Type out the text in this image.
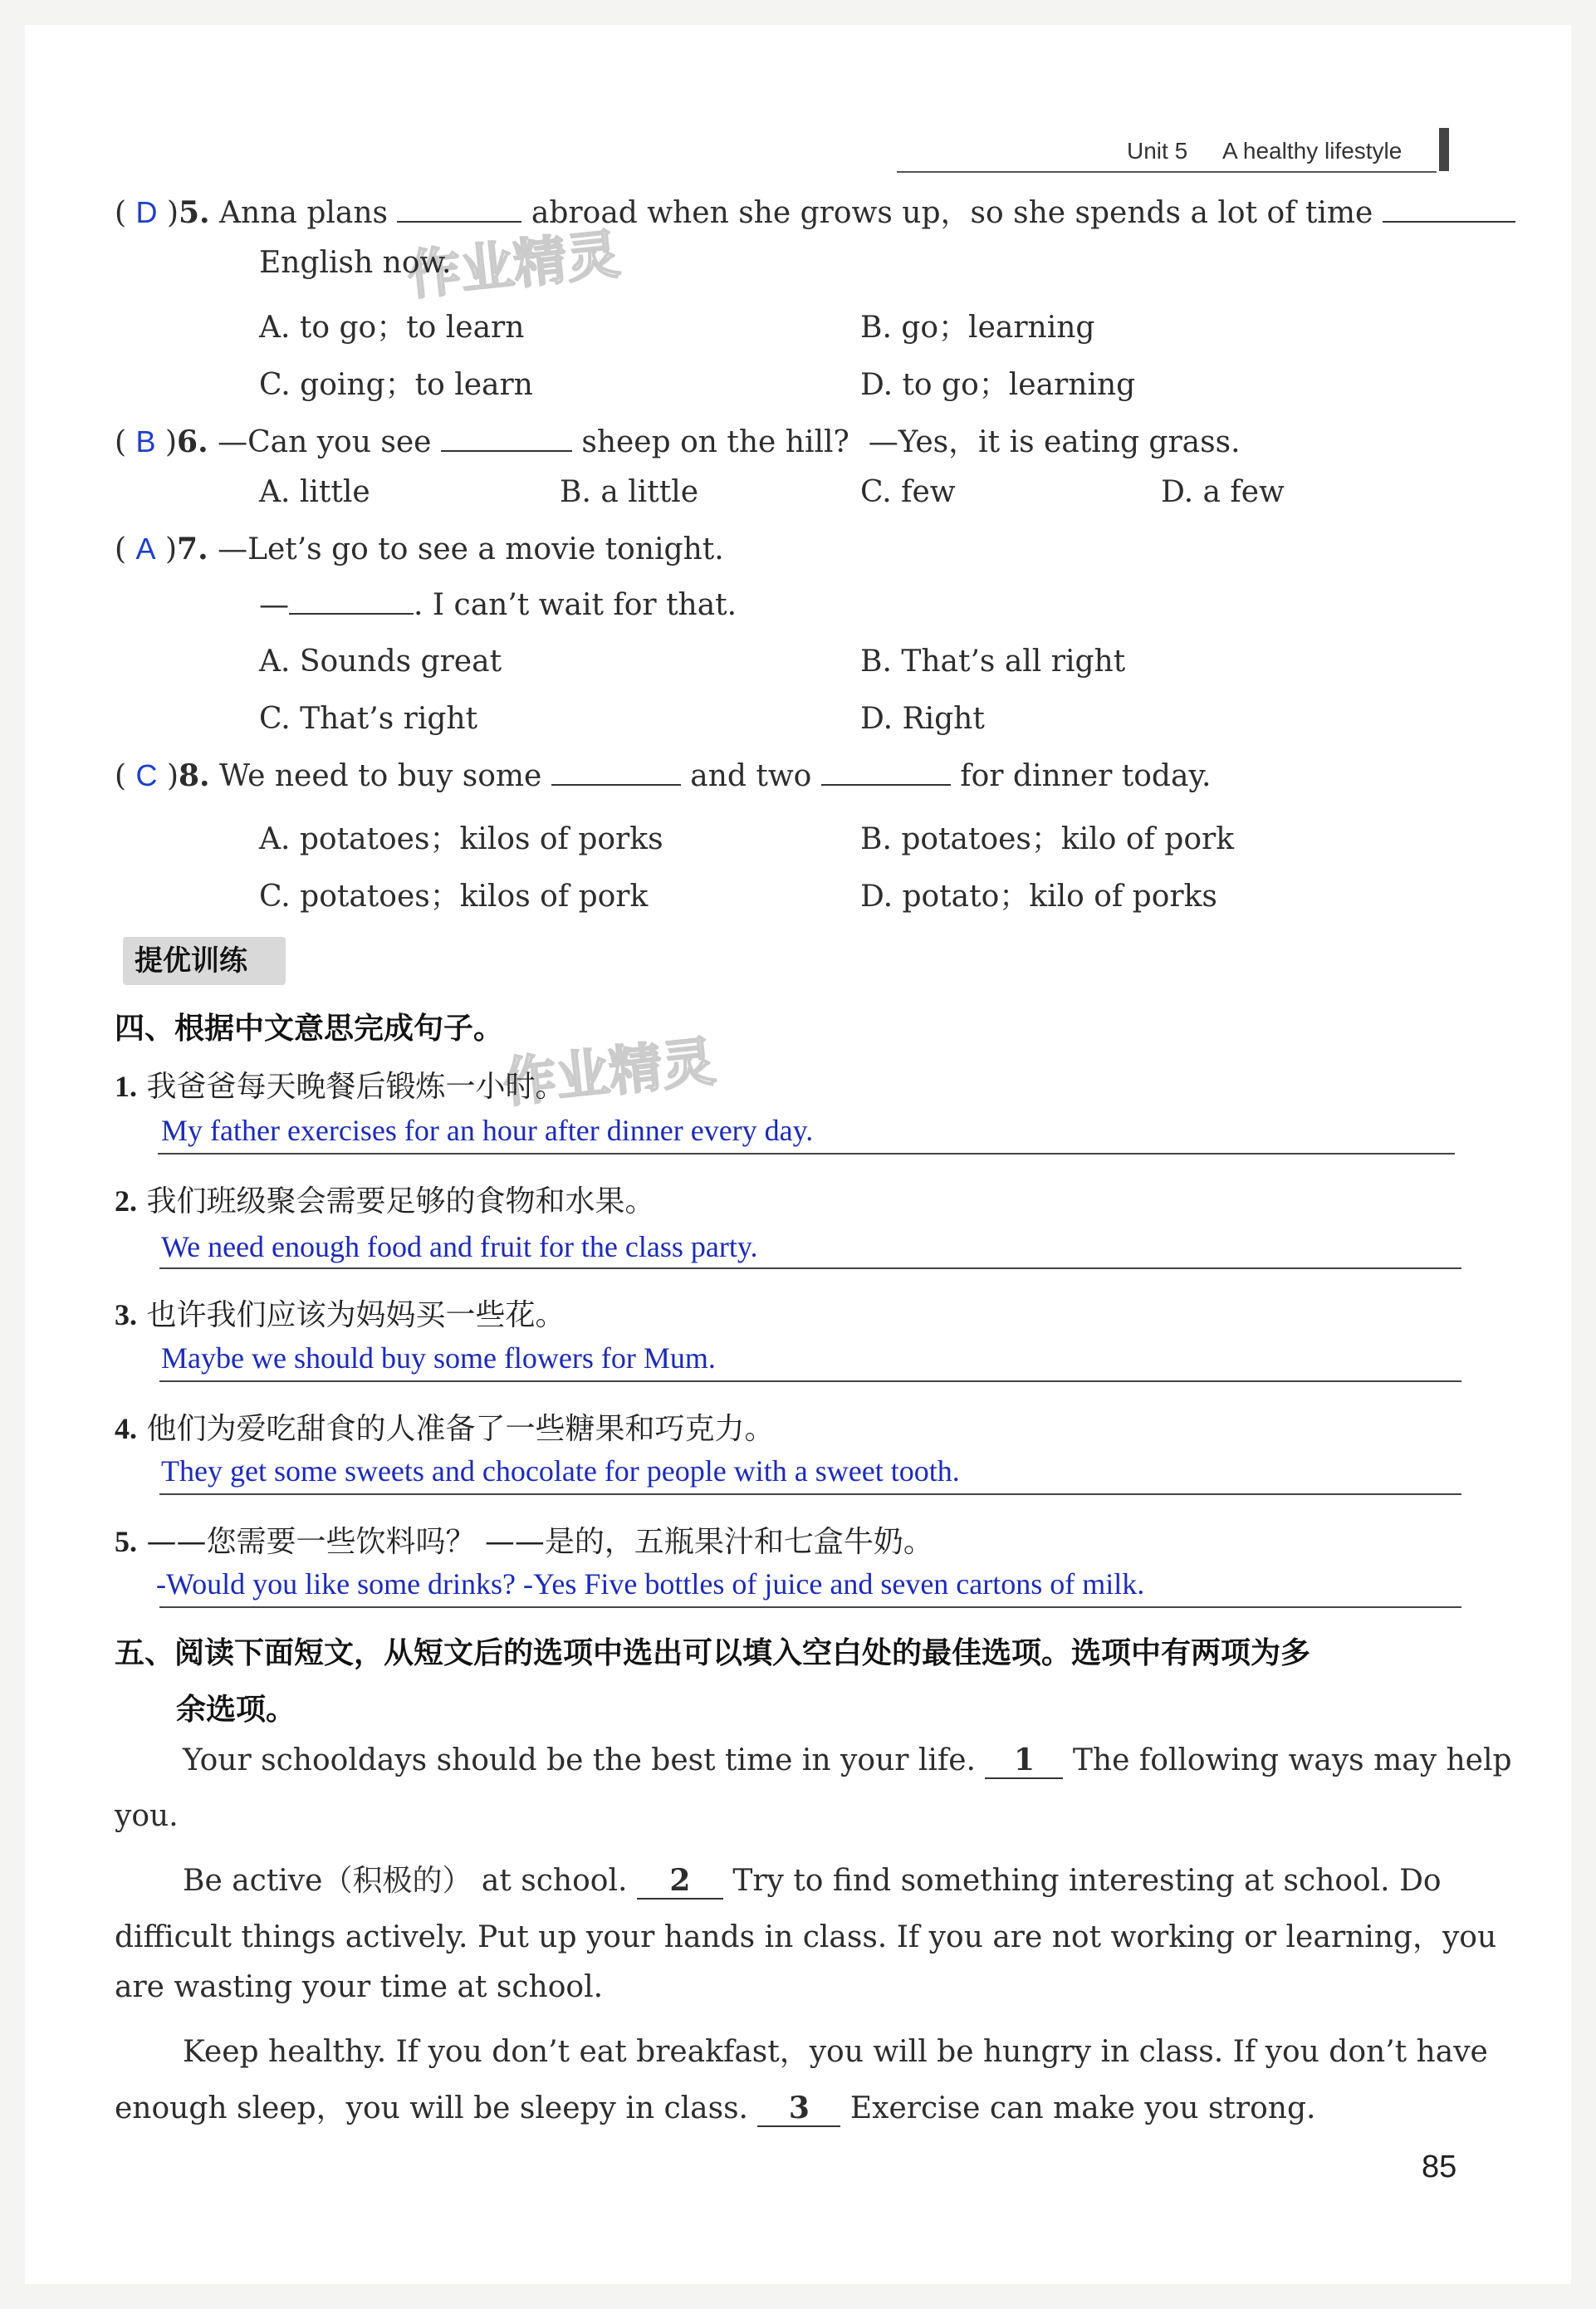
Unit 5 A healthy lifestyle
作业精灵
作业精灵
( D )5. Anna plans	abroad when she grows up，so she spends a lot of time
English now.
A. to go；to learn	B. go；learning
C. going；to learn	D. to go；learning
( B )6. —Can you see	sheep on the hill? —Yes，it is eating grass.
A. little	B. a little	C. few	D. a few
( A )7. —Let’s go to see a movie tonight.
—	. I can’t wait for that.
A. Sounds great	B. That’s all right
C. That’s right	D. Right
( C )8. We need to buy some	and two	for dinner today.
A. potatoes；kilos of porks	B. potatoes；kilo of pork
C. potatoes；kilos of pork	D. potato；kilo of porks
提优训练
四、根据中文意思完成句子。
1. 我爸爸每天晚餐后锻炼一小时。
My father exercises for an hour after dinner every day.
2. 我们班级聚会需要足够的食物和水果。
We need enough food and fruit for the class party.
3. 也许我们应该为妈妈买一些花。
Maybe we should buy some flowers for Mum.
4. 他们为爱吃甜食的人准备了一些糖果和巧克力。
They get some sweets and chocolate for people with a sweet tooth.
5. ——您需要一些饮料吗？ ——是的，五瓶果汁和七盒牛奶。
-Would you like some drinks? -Yes Five bottles of juice and seven cartons of milk.
五、阅读下面短文，从短文后的选项中选出可以填入空白处的最佳选项。选项中有两项为多
余选项。
Your schooldays should be the best time in your life. 1 The following ways may help
you.
Be active（积极的） at school. 2 Try to find something interesting at school. Do
difficult things actively. Put up your hands in class. If you are not working or learning，you
are wasting your time at school.
Keep healthy. If you don’t eat breakfast，you will be hungry in class. If you don’t have
enough sleep，you will be sleepy in class. 3 Exercise can make you strong.
85
